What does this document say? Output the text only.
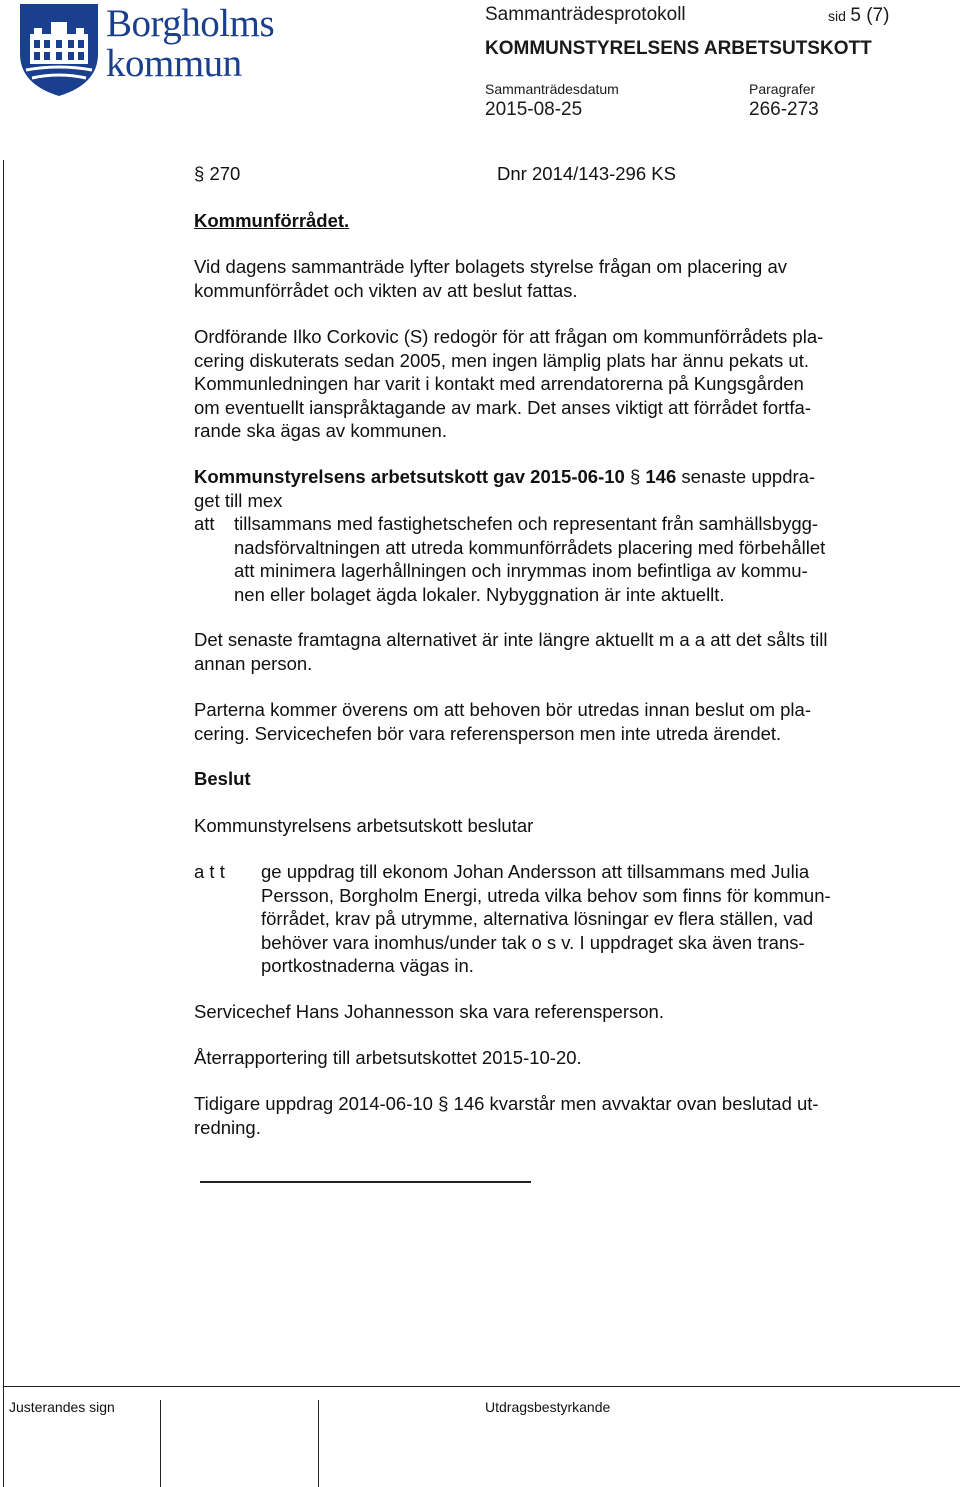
Borgholms
kommun
Sammanträdesprotokoll	sid 5 (7)
KOMMUNSTYRELSENS ARBETSUTSKOTT
Sammanträdesdatum
2015-08-25
Paragrafer
266-273
§ 270	Dnr 2014/143-296 KS
Kommunförrådet.

Vid dagens sammanträde lyfter bolagets styrelse frågan om placering av

kommunförrådet och vikten av att beslut fattas.

Ordförande Ilko Corkovic (S) redogör för att frågan om kommunförrådets pla-

cering diskuterats sedan 2005, men ingen lämplig plats har ännu pekats ut.

Kommunledningen har varit i kontakt med arrendatorerna på Kungsgården

om eventuellt ianspråktagande av mark. Det anses viktigt att förrådet fortfa-

rande ska ägas av kommunen.

Kommunstyrelsens arbetsutskott gav 2015-06-10 § 146 senaste uppdra-

get till mex

att tillsammans med fastighetschefen och representant från samhällsbygg-

nadsförvaltningen att utreda kommunförrådets placering med förbehållet

att minimera lagerhållningen och inrymmas inom befintliga av kommu-

nen eller bolaget ägda lokaler. Nybyggnation är inte aktuellt.

Det senaste framtagna alternativet är inte längre aktuellt m a a att det sålts till

annan person.

Parterna kommer överens om att behoven bör utredas innan beslut om pla-

cering. Servicechefen bör vara referensperson men inte utreda ärendet.

Beslut
Kommunstyrelsens arbetsutskott beslutar
a t t ge uppdrag till ekonom Johan Andersson att tillsammans med Julia

Persson, Borgholm Energi, utreda vilka behov som finns för kommun-

förrådet, krav på utrymme, alternativa lösningar ev flera ställen, vad

behöver vara inomhus/under tak o s v. I uppdraget ska även trans-

portkostnaderna vägas in.

Servicechef Hans Johannesson ska vara referensperson.
Återrapportering till arbetsutskottet 2015-10-20.

Tidigare uppdrag 2014-06-10 § 146 kvarstår men avvaktar ovan beslutad ut-

redning.

Justerandes sign	Utdragsbestyrkande
